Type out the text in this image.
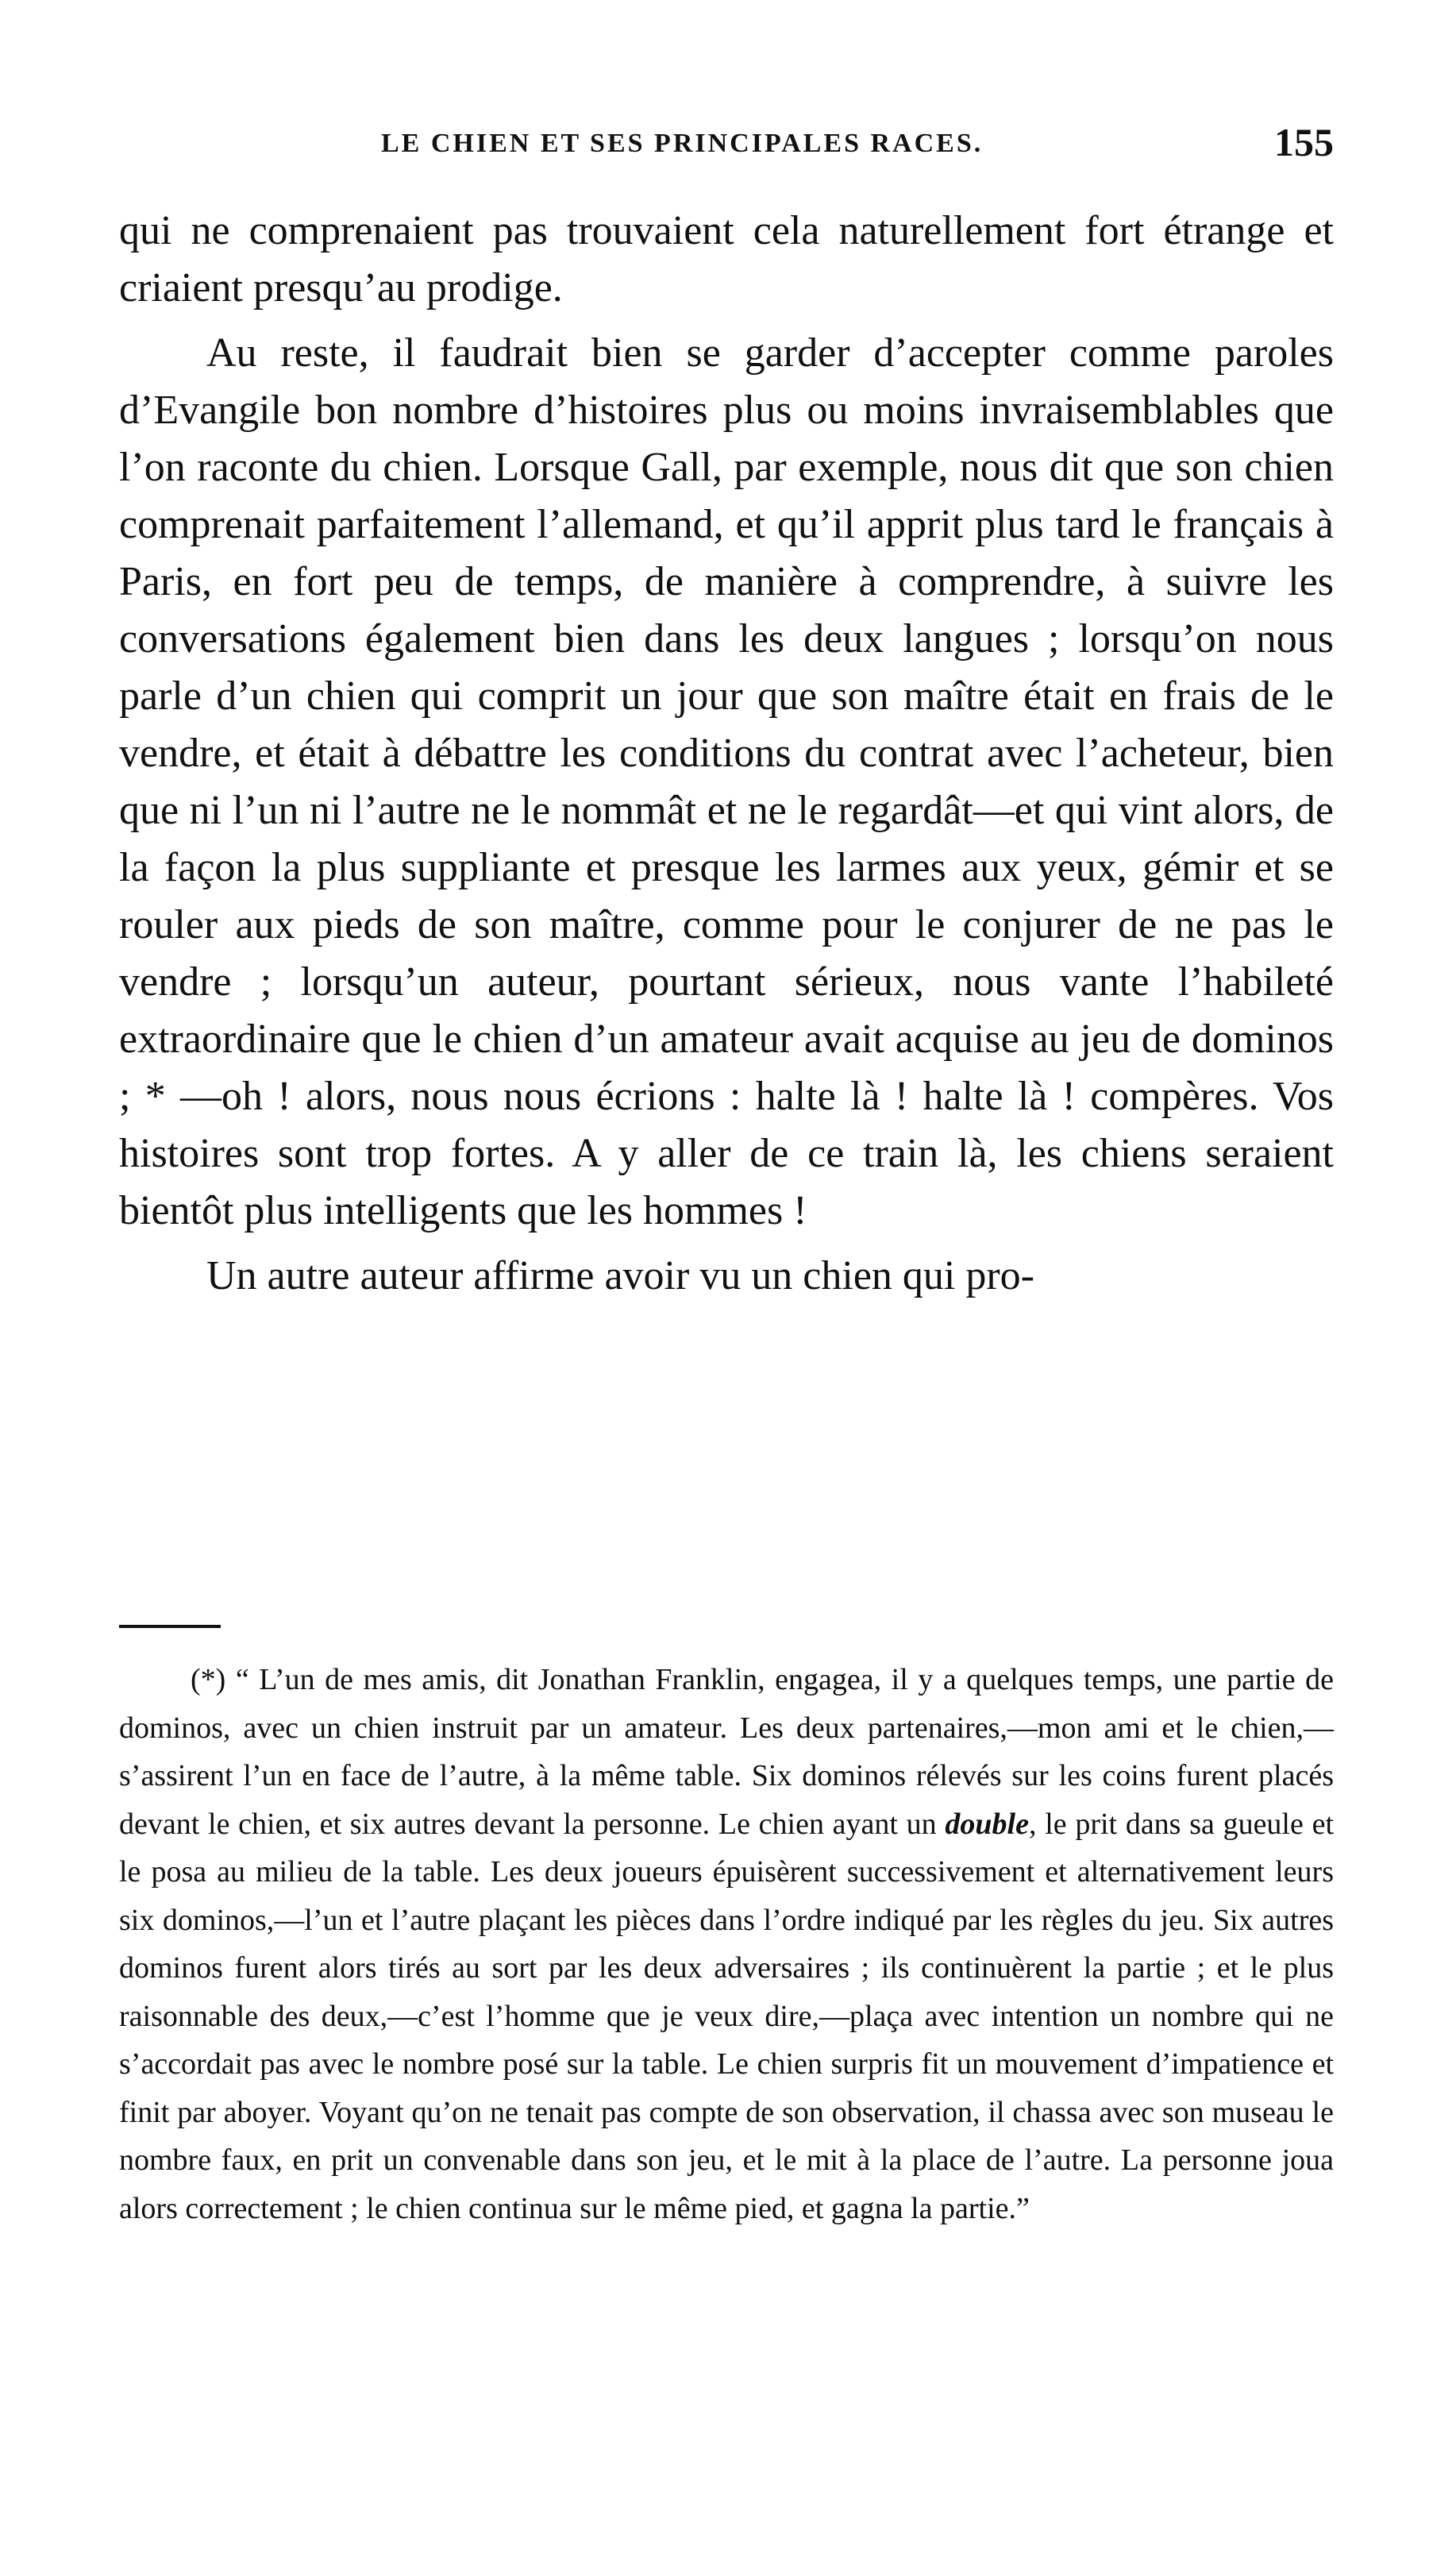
LE CHIEN ET SES PRINCIPALES RACES.	155

qui ne comprenaient pas trouvaient cela naturellement fort étrange et criaient presqu’au prodige.

Au reste, il faudrait bien se garder d’accepter comme paroles d’Evangile bon nombre d’histoires plus ou moins invraisemblables que l’on raconte du chien. Lorsque Gall, par exemple, nous dit que son chien comprenait parfaitement l’allemand, et qu’il apprit plus tard le français à Paris, en fort peu de temps, de manière à comprendre, à suivre les conversations également bien dans les deux langues ; lorsqu’on nous parle d’un chien qui comprit un jour que son maître était en frais de le vendre, et était à débattre les conditions du contrat avec l’acheteur, bien que ni l’un ni l’autre ne le nommât et ne le regardât—et qui vint alors, de la façon la plus suppliante et presque les larmes aux yeux, gémir et se rouler aux pieds de son maître, comme pour le conjurer de ne pas le vendre ; lorsqu’un auteur, pourtant sérieux, nous vante l’habileté extraordinaire que le chien d’un amateur avait acquise au jeu de dominos ; * —oh ! alors, nous nous écrions : halte là ! halte là ! compères. Vos histoires sont trop fortes. A y aller de ce train là, les chiens seraient bientôt plus intelligents que les hommes !

Un autre auteur affirme avoir vu un chien qui pro-

(*) “ L’un de mes amis, dit Jonathan Franklin, engagea, il y a quelques temps, une partie de dominos, avec un chien instruit par un amateur. Les deux partenaires,—mon ami et le chien,—s’assirent l’un en face de l’autre, à la même table. Six dominos rélevés sur les coins furent placés devant le chien, et six autres devant la personne. Le chien ayant un double, le prit dans sa gueule et le posa au milieu de la table. Les deux joueurs épuisèrent successivement et alternativement leurs six dominos,—l’un et l’autre plaçant les pièces dans l’ordre indiqué par les règles du jeu. Six autres dominos furent alors tirés au sort par les deux adversaires ; ils continuèrent la partie ; et le plus raisonnable des deux,—c’est l’homme que je veux dire,—plaça avec intention un nombre qui ne s’accordait pas avec le nombre posé sur la table. Le chien surpris fit un mouvement d’impatience et finit par aboyer. Voyant qu’on ne tenait pas compte de son observation, il chassa avec son museau le nombre faux, en prit un convenable dans son jeu, et le mit à la place de l’autre. La personne joua alors correctement ; le chien continua sur le même pied, et gagna la partie.”
